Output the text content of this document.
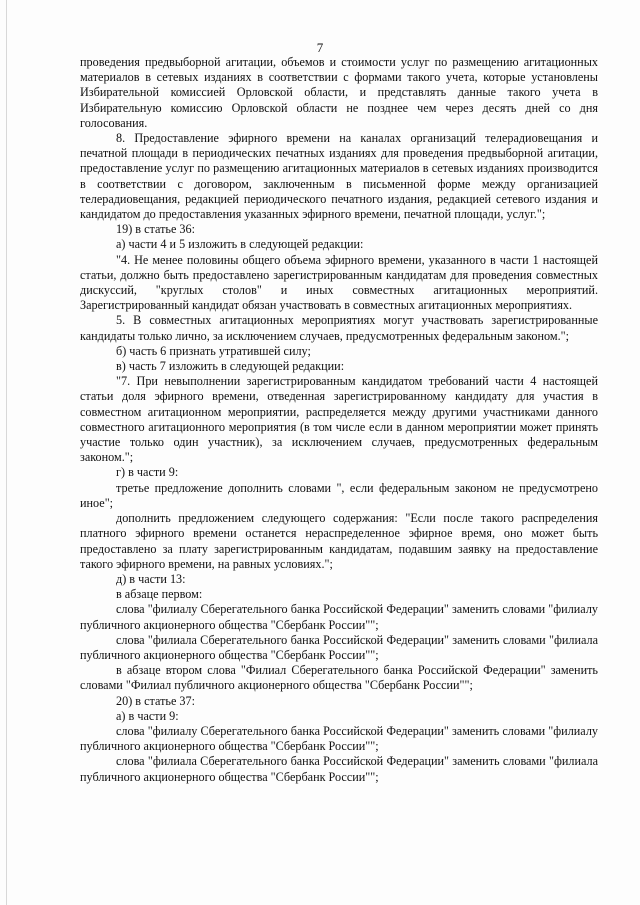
7

проведения предвыборной агитации, объемов и стоимости услуг по размещению агитационных материалов в сетевых изданиях в соответствии с формами такого учета, которые установлены Избирательной комиссией Орловской области, и представлять данные такого учета в Избирательную комиссию Орловской области не позднее чем через десять дней со дня голосования.

8. Предоставление эфирного времени на каналах организаций телерадиовещания и печатной площади в периодических печатных изданиях для проведения предвыборной агитации, предоставление услуг по размещению агитационных материалов в сетевых изданиях производится в соответствии с договором, заключенным в письменной форме между организацией телерадиовещания, редакцией периодического печатного издания, редакцией сетевого издания и кандидатом до предоставления указанных эфирного времени, печатной площади, услуг.";

19) в статье 36:

а) части 4 и 5 изложить в следующей редакции:

"4. Не менее половины общего объема эфирного времени, указанного в части 1 настоящей статьи, должно быть предоставлено зарегистрированным кандидатам для проведения совместных дискуссий, "круглых столов" и иных совместных агитационных мероприятий. Зарегистрированный кандидат обязан участвовать в совместных агитационных мероприятиях.

5. В совместных агитационных мероприятиях могут участвовать зарегистрированные кандидаты только лично, за исключением случаев, предусмотренных федеральным законом.";

б) часть 6 признать утратившей силу;

в) часть 7 изложить в следующей редакции:

"7. При невыполнении зарегистрированным кандидатом требований части 4 настоящей статьи доля эфирного времени, отведенная зарегистрированному кандидату для участия в совместном агитационном мероприятии, распределяется между другими участниками данного совместного агитационного мероприятия (в том числе если в данном мероприятии может принять участие только один участник), за исключением случаев, предусмотренных федеральным законом.";

г) в части 9:

третье предложение дополнить словами ", если федеральным законом не предусмотрено иное";

дополнить предложением следующего содержания: "Если после такого распределения платного эфирного времени останется нераспределенное эфирное время, оно может быть предоставлено за плату зарегистрированным кандидатам, подавшим заявку на предоставление такого эфирного времени, на равных условиях.";

д) в части 13:

в абзаце первом:

слова "филиалу Сберегательного банка Российской Федерации" заменить словами "филиалу публичного акционерного общества "Сбербанк России"";

слова "филиала Сберегательного банка Российской Федерации" заменить словами "филиала публичного акционерного общества "Сбербанк России"";

в абзаце втором слова "Филиал Сберегательного банка Российской Федерации" заменить словами "Филиал публичного акционерного общества "Сбербанк России"";

20) в статье 37:

а) в части 9:

слова "филиалу Сберегательного банка Российской Федерации" заменить словами "филиалу публичного акционерного общества "Сбербанк России"";

слова "филиала Сберегательного банка Российской Федерации" заменить словами "филиала публичного акционерного общества "Сбербанк России"";
